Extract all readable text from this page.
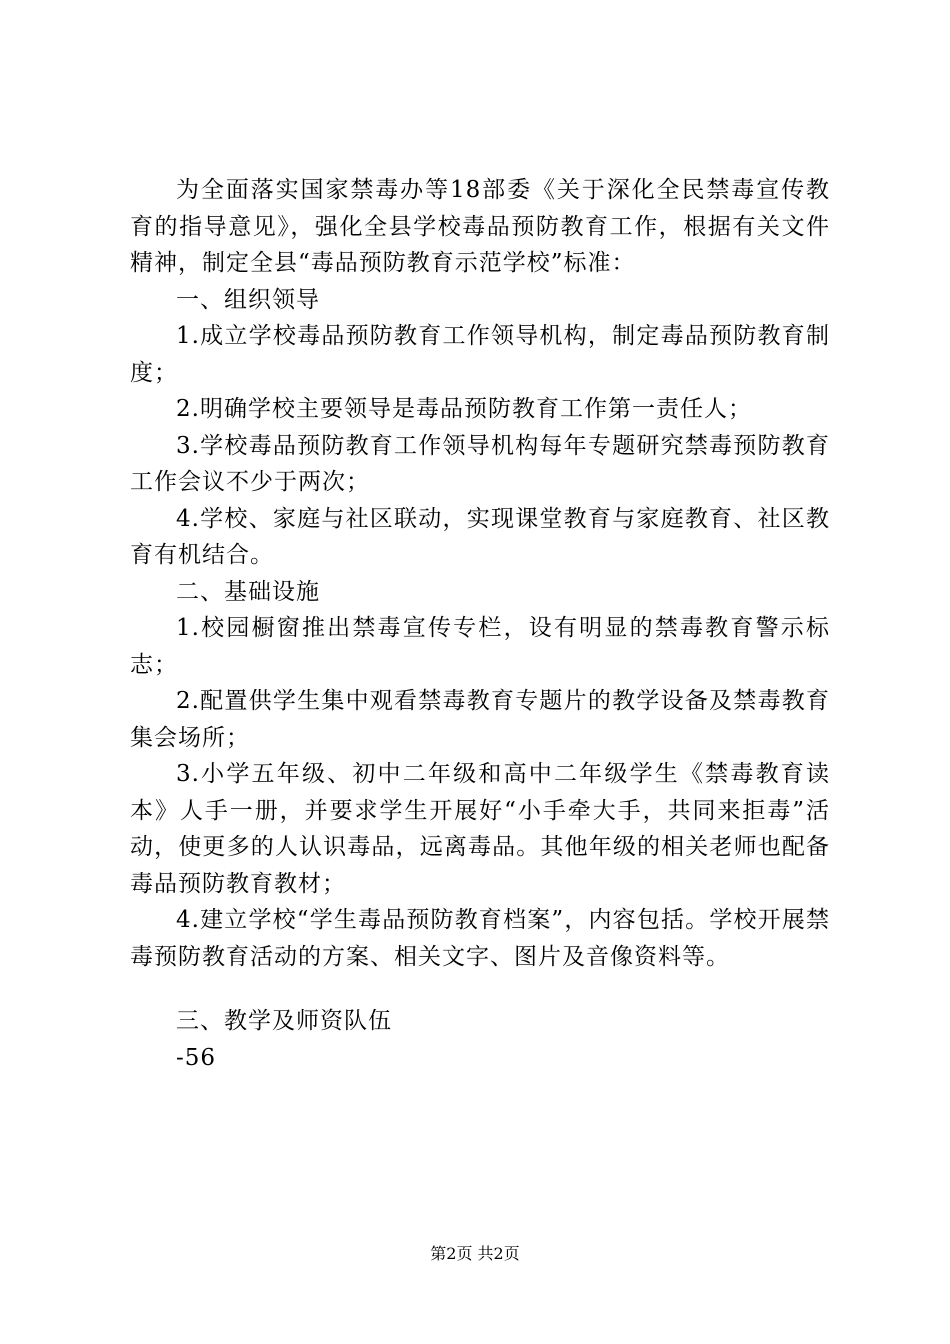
为全面落实国家禁毒办等18部委《关于深化全民禁毒宣传教育的指导意见》，强化全县学校毒品预防教育工作，根据有关文件精神，制定全县“毒品预防教育示范学校”标准：

一、组织领导

1.成立学校毒品预防教育工作领导机构，制定毒品预防教育制度；

2.明确学校主要领导是毒品预防教育工作第一责任人；

3.学校毒品预防教育工作领导机构每年专题研究禁毒预防教育工作会议不少于两次；

4.学校、家庭与社区联动，实现课堂教育与家庭教育、社区教育有机结合。

二、基础设施

1.校园橱窗推出禁毒宣传专栏，设有明显的禁毒教育警示标志；

2.配置供学生集中观看禁毒教育专题片的教学设备及禁毒教育集会场所；

3.小学五年级、初中二年级和高中二年级学生《禁毒教育读本》人手一册，并要求学生开展好“小手牵大手，共同来拒毒”活动，使更多的人认识毒品，远离毒品。其他年级的相关老师也配备毒品预防教育教材；

4.建立学校“学生毒品预防教育档案”，内容包括。学校开展禁毒预防教育活动的方案、相关文字、图片及音像资料等。

三、教学及师资队伍

-56

第2页 共2页
